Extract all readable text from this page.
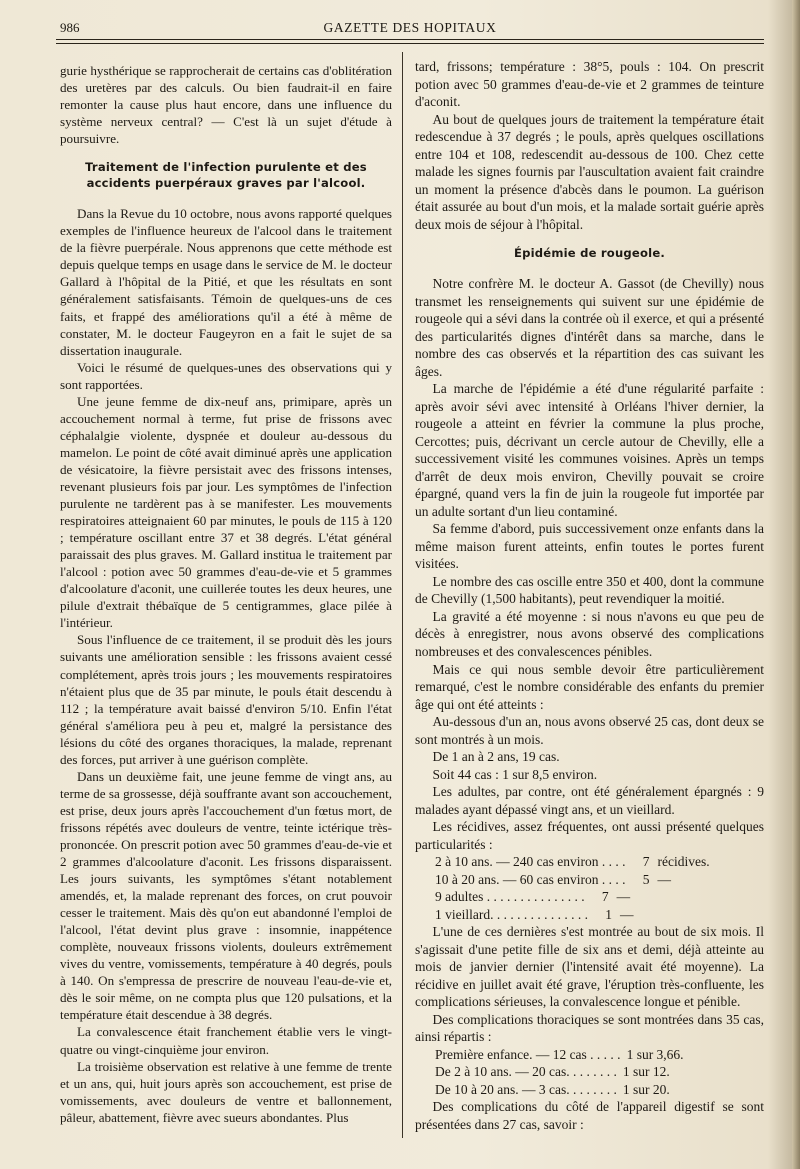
986	GAZETTE DES HOPITAUX

gurie hysthérique se rapprocherait de certains cas d'oblitération des uretères par des calculs. Ou bien faudrait-il en faire remonter la cause plus haut encore, dans une influence du système nerveux central? — C'est là un sujet d'étude à poursuivre.

Traitement de l'infection purulente et des accidents puerpéraux graves par l'alcool.

Dans la Revue du 10 octobre, nous avons rapporté quelques exemples de l'influence heureux de l'alcool dans le traitement de la fièvre puerpérale. Nous apprenons que cette méthode est depuis quelque temps en usage dans le service de M. le docteur Gallard à l'hôpital de la Pitié, et que les résultats en sont généralement satisfaisants. Témoin de quelques-uns de ces faits, et frappé des améliorations qu'il a été à même de constater, M. le docteur Faugeyron en a fait le sujet de sa dissertation inaugurale.

Voici le résumé de quelques-unes des observations qui y sont rapportées.

Une jeune femme de dix-neuf ans, primipare, après un accouchement normal à terme, fut prise de frissons avec céphalalgie violente, dyspnée et douleur au-dessous du mamelon. Le point de côté avait diminué après une application de vésicatoire, la fièvre persistait avec des frissons intenses, revenant plusieurs fois par jour. Les symptômes de l'infection purulente ne tardèrent pas à se manifester. Les mouvements respiratoires atteignaient 60 par minutes, le pouls de 115 à 120 ; température oscillant entre 37 et 38 degrés. L'état général paraissait des plus graves. M. Gallard institua le traitement par l'alcool : potion avec 50 grammes d'eau-de-vie et 5 grammes d'alcoolature d'aconit, une cuillerée toutes les deux heures, une pilule d'extrait thébaïque de 5 centigrammes, glace pilée à l'intérieur.

Sous l'influence de ce traitement, il se produit dès les jours suivants une amélioration sensible : les frissons avaient cessé complétement, après trois jours ; les mouvements respiratoires n'étaient plus que de 35 par minute, le pouls était descendu à 112 ; la température avait baissé d'environ 5/10. Enfin l'état général s'améliora peu à peu et, malgré la persistance des lésions du côté des organes thoraciques, la malade, reprenant des forces, put arriver à une guérison complète.

Dans un deuxième fait, une jeune femme de vingt ans, au terme de sa grossesse, déjà souffrante avant son accouchement, est prise, deux jours après l'accouchement d'un fœtus mort, de frissons répétés avec douleurs de ventre, teinte ictérique très-prononcée. On prescrit potion avec 50 grammes d'eau-de-vie et 2 grammes d'alcoolature d'aconit. Les frissons disparaissent. Les jours suivants, les symptômes s'étant notablement amendés, et, la malade reprenant des forces, on crut pouvoir cesser le traitement. Mais dès qu'on eut abandonné l'emploi de l'alcool, l'état devint plus grave : insomnie, inappétence complète, nouveaux frissons violents, douleurs extrêmement vives du ventre, vomissements, température à 40 degrés, pouls à 140. On s'empressa de prescrire de nouveau l'eau-de-vie et, dès le soir même, on ne compta plus que 120 pulsations, et la température était descendue à 38 degrés.

La convalescence était franchement établie vers le vingt-quatre ou vingt-cinquième jour environ.

La troisième observation est relative à une femme de trente et un ans, qui, huit jours après son accouchement, est prise de vomissements, avec douleurs de ventre et ballonnement, pâleur, abattement, fièvre avec sueurs abondantes. Plus

tard, frissons; température : 38°5, pouls : 104. On prescrit potion avec 50 grammes d'eau-de-vie et 2 grammes de teinture d'aconit.

Au bout de quelques jours de traitement la température était redescendue à 37 degrés ; le pouls, après quelques oscillations entre 104 et 108, redescendit au-dessous de 100. Chez cette malade les signes fournis par l'auscultation avaient fait craindre un moment la présence d'abcès dans le poumon. La guérison était assurée au bout d'un mois, et la malade sortait guérie après deux mois de séjour à l'hôpital.

Épidémie de rougeole.

Notre confrère M. le docteur A. Gassot (de Chevilly) nous transmet les renseignements qui suivent sur une épidémie de rougeole qui a sévi dans la contrée où il exerce, et qui a présenté des particularités dignes d'intérêt dans sa marche, dans le nombre des cas observés et la répartition des cas suivant les âges.

La marche de l'épidémie a été d'une régularité parfaite : après avoir sévi avec intensité à Orléans l'hiver dernier, la rougeole a atteint en février la commune la plus proche, Cercottes; puis, décrivant un cercle autour de Chevilly, elle a successivement visité les communes voisines. Après un temps d'arrêt de deux mois environ, Chevilly pouvait se croire épargné, quand vers la fin de juin la rougeole fut importée par un adulte sortant d'un lieu contaminé.

Sa femme d'abord, puis successivement onze enfants dans la même maison furent atteints, enfin toutes le portes furent visitées.

Le nombre des cas oscille entre 350 et 400, dont la commune de Chevilly (1,500 habitants), peut revendiquer la moitié.

La gravité a été moyenne : si nous n'avons eu que peu de décès à enregistrer, nous avons observé des complications nombreuses et des convalescences pénibles.

Mais ce qui nous semble devoir être particulièrement remarqué, c'est le nombre considérable des enfants du premier âge qui ont été atteints :

Au-dessous d'un an, nous avons observé 25 cas, dont deux se sont montrés à un mois.

De 1 an à 2 ans, 19 cas.

Soit 44 cas : 1 sur 8,5 environ.

Les adultes, par contre, ont été généralement épargnés : 9 malades ayant dépassé vingt ans, et un vieillard.

Les récidives, assez fréquentes, ont aussi présenté quelques particularités :

2 à 10 ans. — 240 cas environ . . . .	7 récidives.
10 à 20 ans. — 60 cas environ . . . .	5 —
9 adultes . . . . . . . . . . . . . . .	7 —
1 vieillard. . . . . . . . . . . . . . .	1 —

L'une de ces dernières s'est montrée au bout de six mois. Il s'agissait d'une petite fille de six ans et demi, déjà atteinte au mois de janvier dernier (l'intensité avait été moyenne). La récidive en juillet avait été grave, l'éruption très-confluente, les complications sérieuses, la convalescence longue et pénible.

Des complications thoraciques se sont montrées dans 35 cas, ainsi répartis :

Première enfance. — 12 cas . . . . . 1 sur 3,66.
De 2 à 10 ans. — 20 cas. . . . . . . . 1 sur 12.
De 10 à 20 ans. — 3 cas. . . . . . . . 1 sur 20.

Des complications du côté de l'appareil digestif se sont présentées dans 27 cas, savoir :
